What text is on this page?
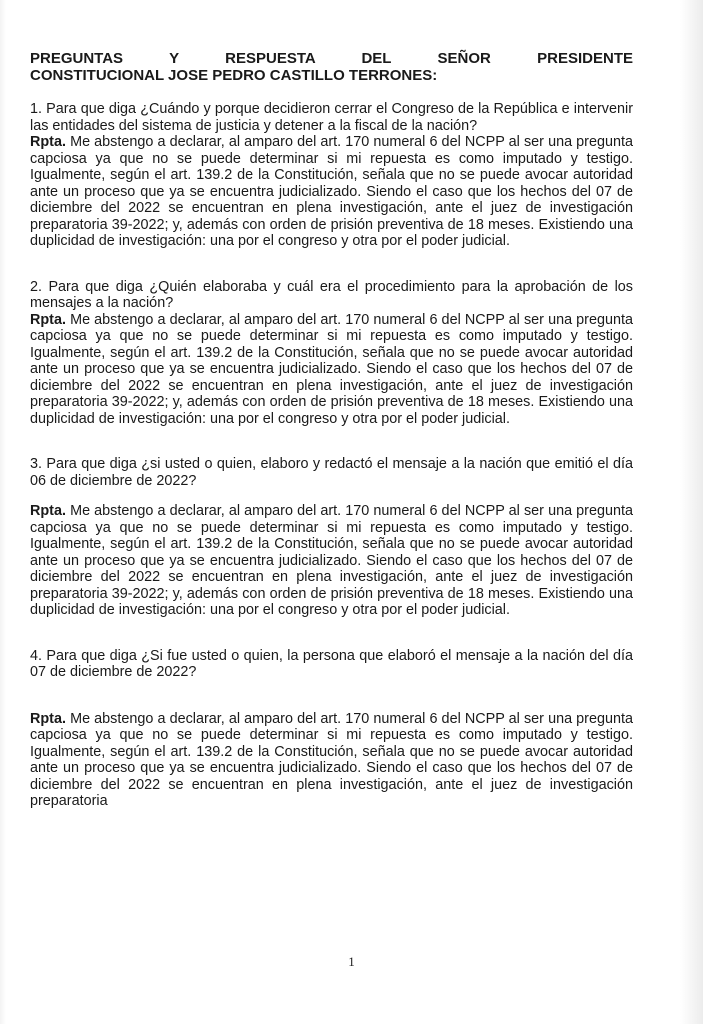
PREGUNTAS Y RESPUESTA DEL SEÑOR PRESIDENTE
CONSTITUCIONAL JOSE PEDRO CASTILLO TERRONES:

1. Para que diga ¿Cuándo y porque decidieron cerrar el Congreso de la República e intervenir las entidades del sistema de justicia y detener a la fiscal de la nación?

Rpta. Me abstengo a declarar, al amparo del art. 170 numeral 6 del NCPP al ser una pregunta capciosa ya que no se puede determinar si mi repuesta es como imputado y testigo. Igualmente, según el art. 139.2 de la Constitución, señala que no se puede avocar autoridad ante un proceso que ya se encuentra judicializado. Siendo el caso que los hechos del 07 de diciembre del 2022 se encuentran en plena investigación, ante el juez de investigación preparatoria 39-2022; y, además con orden de prisión preventiva de 18 meses. Existiendo una duplicidad de investigación: una por el congreso y otra por el poder judicial.

2. Para que diga ¿Quién elaboraba y cuál era el procedimiento para la aprobación de los mensajes a la nación?

Rpta. Me abstengo a declarar, al amparo del art. 170 numeral 6 del NCPP al ser una pregunta capciosa ya que no se puede determinar si mi repuesta es como imputado y testigo. Igualmente, según el art. 139.2 de la Constitución, señala que no se puede avocar autoridad ante un proceso que ya se encuentra judicializado. Siendo el caso que los hechos del 07 de diciembre del 2022 se encuentran en plena investigación, ante el juez de investigación preparatoria 39-2022; y, además con orden de prisión preventiva de 18 meses. Existiendo una duplicidad de investigación: una por el congreso y otra por el poder judicial.

3. Para que diga ¿si usted o quien, elaboro y redactó el mensaje a la nación que emitió el día 06 de diciembre de 2022?

Rpta. Me abstengo a declarar, al amparo del art. 170 numeral 6 del NCPP al ser una pregunta capciosa ya que no se puede determinar si mi repuesta es como imputado y testigo. Igualmente, según el art. 139.2 de la Constitución, señala que no se puede avocar autoridad ante un proceso que ya se encuentra judicializado. Siendo el caso que los hechos del 07 de diciembre del 2022 se encuentran en plena investigación, ante el juez de investigación preparatoria 39-2022; y, además con orden de prisión preventiva de 18 meses. Existiendo una duplicidad de investigación: una por el congreso y otra por el poder judicial.

4. Para que diga ¿Si fue usted o quien, la persona que elaboró el mensaje a la nación del día 07 de diciembre de 2022?

Rpta. Me abstengo a declarar, al amparo del art. 170 numeral 6 del NCPP al ser una pregunta capciosa ya que no se puede determinar si mi repuesta es como imputado y testigo. Igualmente, según el art. 139.2 de la Constitución, señala que no se puede avocar autoridad ante un proceso que ya se encuentra judicializado. Siendo el caso que los hechos del 07 de diciembre del 2022 se encuentran en plena investigación, ante el juez de investigación preparatoria

1
